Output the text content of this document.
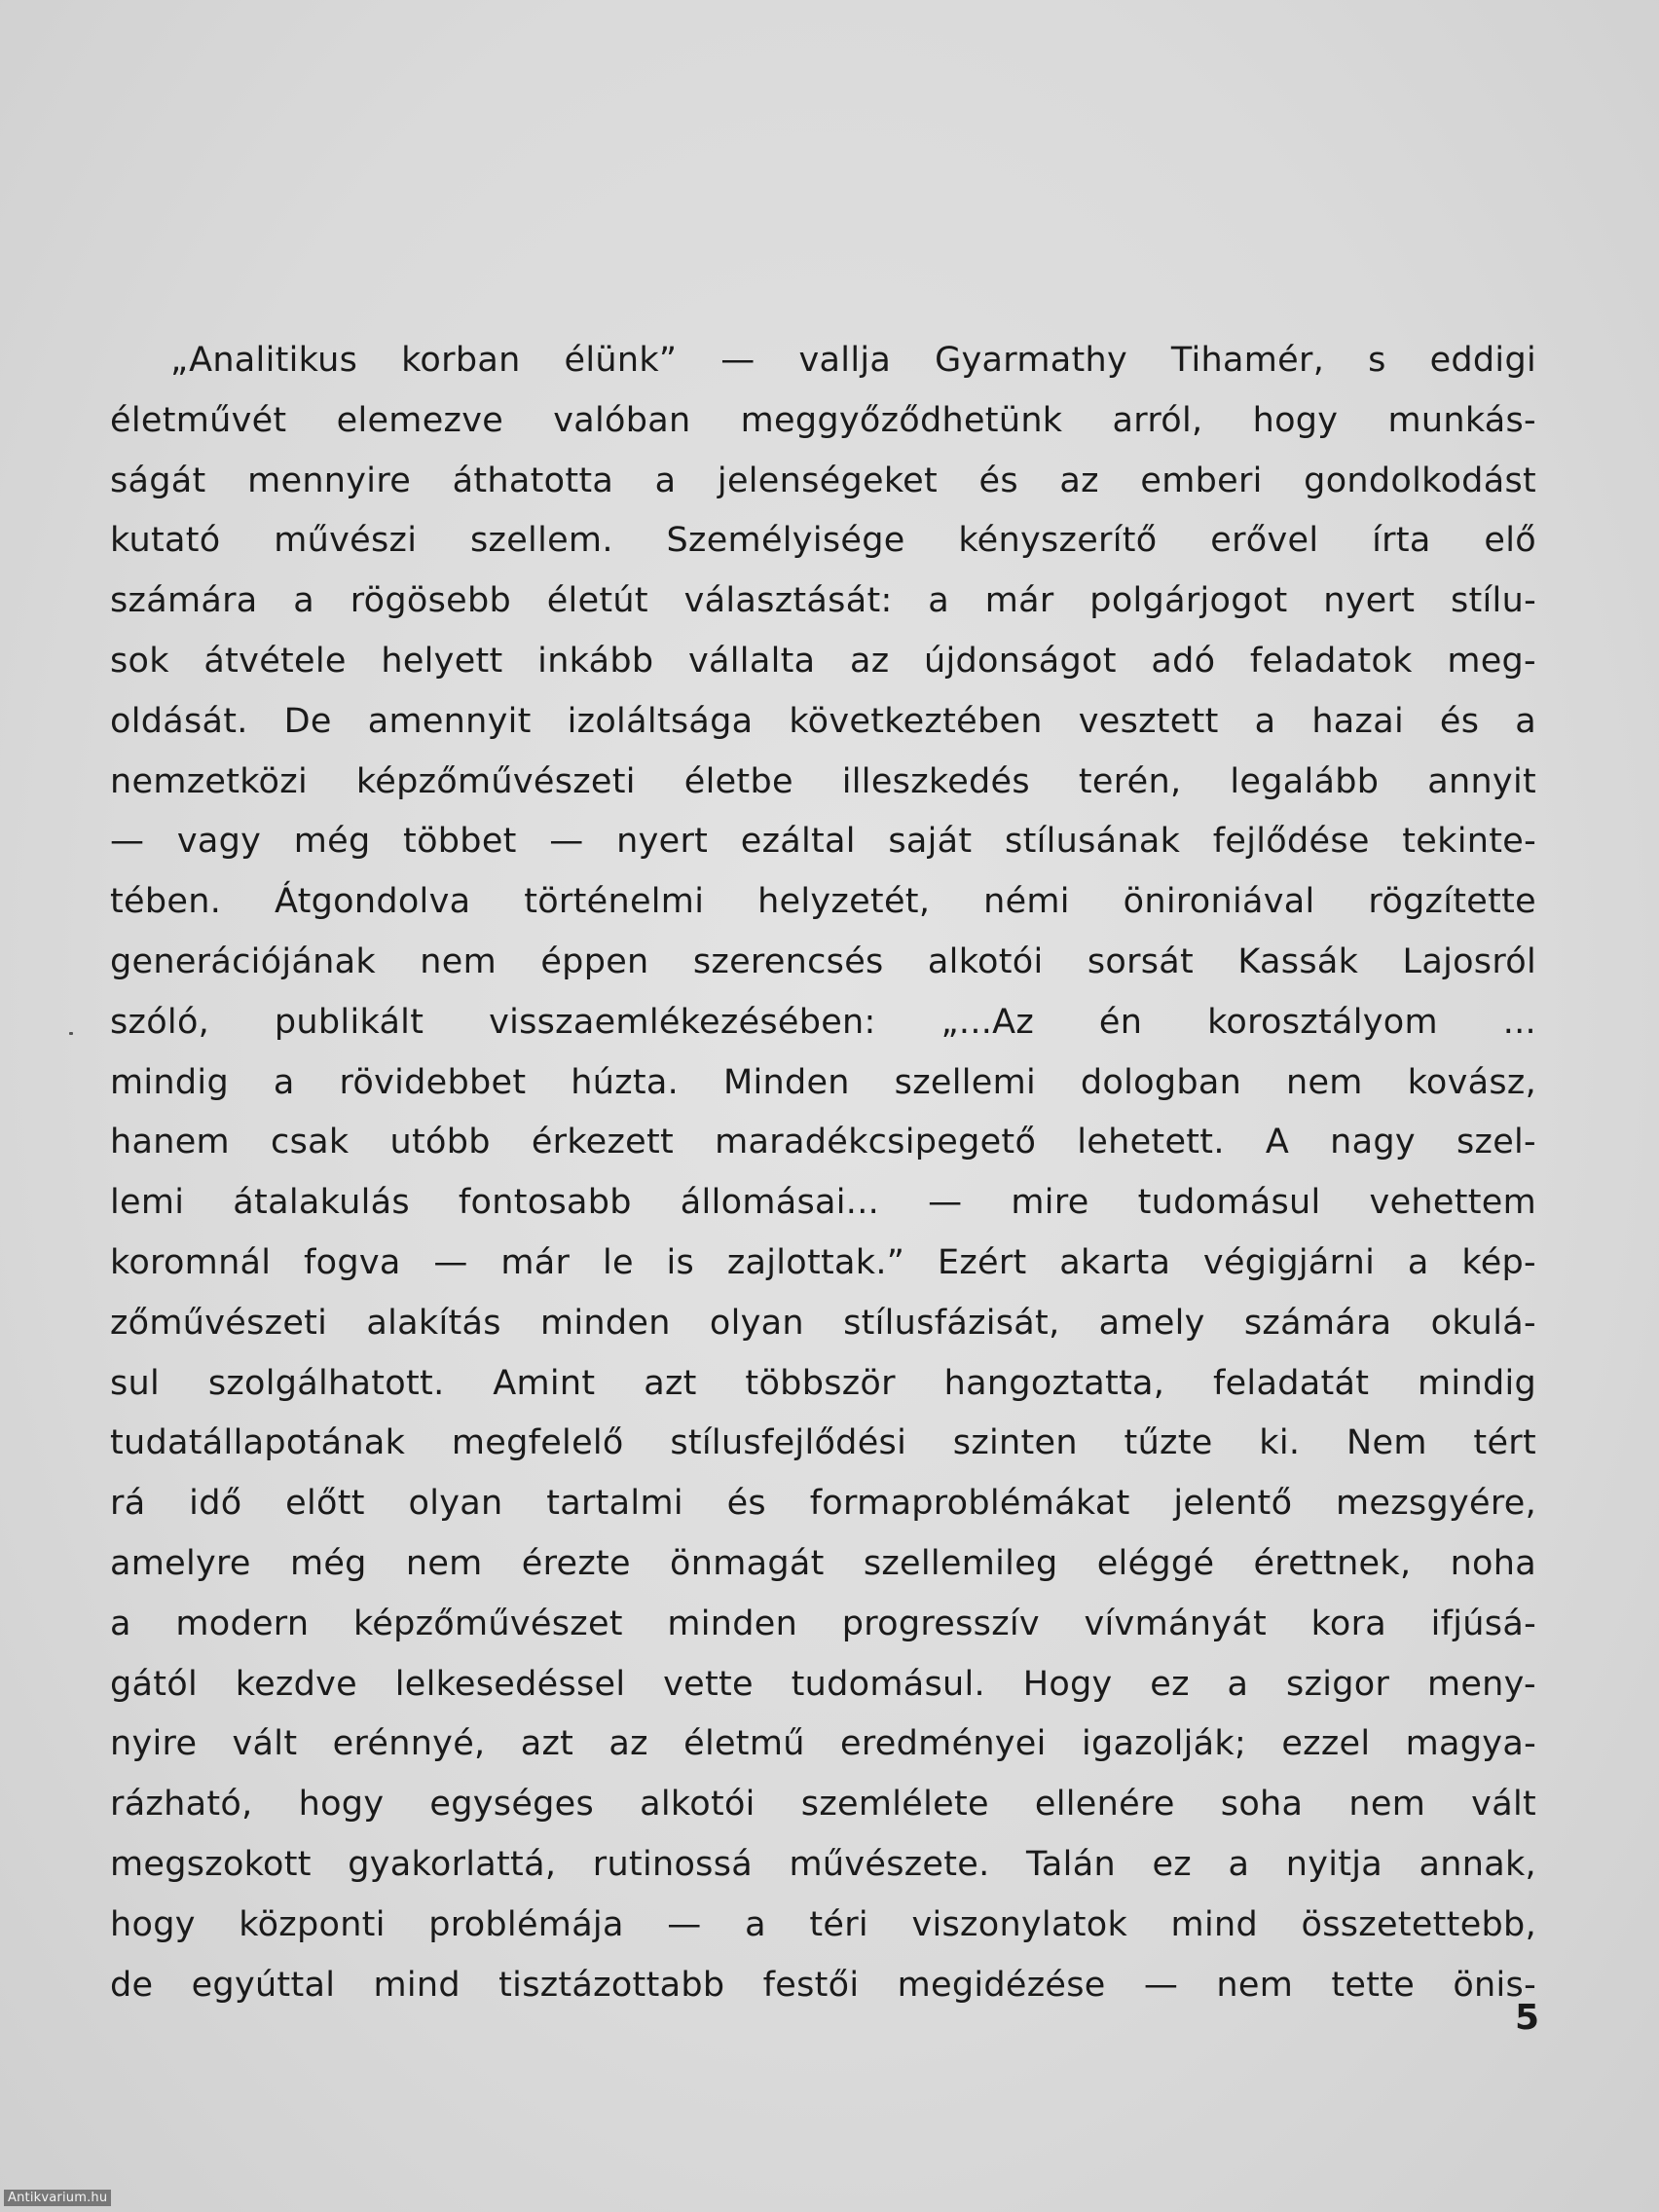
„Analitikus korban élünk” — vallja Gyarmathy Tihamér, s eddigi
életművét elemezve valóban meggyőződhetünk arról, hogy munkás-
ságát mennyire áthatotta a jelenségeket és az emberi gondolkodást
kutató művészi szellem. Személyisége kényszerítő erővel írta elő
számára a rögösebb életút választását: a már polgárjogot nyert stílu-
sok átvétele helyett inkább vállalta az újdonságot adó feladatok meg-
oldását. De amennyit izoláltsága következtében vesztett a hazai és a
nemzetközi képzőművészeti életbe illeszkedés terén, legalább annyit
— vagy még többet — nyert ezáltal saját stílusának fejlődése tekinte-
tében. Átgondolva történelmi helyzetét, némi önironiával rögzítette
generációjának nem éppen szerencsés alkotói sorsát Kassák Lajosról
szóló, publikált visszaemlékezésében: „...Az én korosztályom ...
mindig a rövidebbet húzta. Minden szellemi dologban nem kovász,
hanem csak utóbb érkezett maradékcsipegető lehetett. A nagy szel-
lemi átalakulás fontosabb állomásai... — mire tudomásul vehettem
koromnál fogva — már le is zajlottak.” Ezért akarta végigjárni a kép-
zőművészeti alakítás minden olyan stílusfázisát, amely számára okulá-
sul szolgálhatott. Amint azt többször hangoztatta, feladatát mindig
tudatállapotának megfelelő stílusfejlődési szinten tűzte ki. Nem tért
rá idő előtt olyan tartalmi és formaproblémákat jelentő mezsgyére,
amelyre még nem érezte önmagát szellemileg eléggé érettnek, noha
a modern képzőművészet minden progresszív vívmányát kora ifjúsá-
gától kezdve lelkesedéssel vette tudomásul. Hogy ez a szigor meny-
nyire vált erénnyé, azt az életmű eredményei igazolják; ezzel magya-
rázható, hogy egységes alkotói szemlélete ellenére soha nem vált
megszokott gyakorlattá, rutinossá művészete. Talán ez a nyitja annak,
hogy központi problémája — a téri viszonylatok mind összetettebb,
de egyúttal mind tisztázottabb festői megidézése — nem tette önis-
5
Antikvarium.hu
